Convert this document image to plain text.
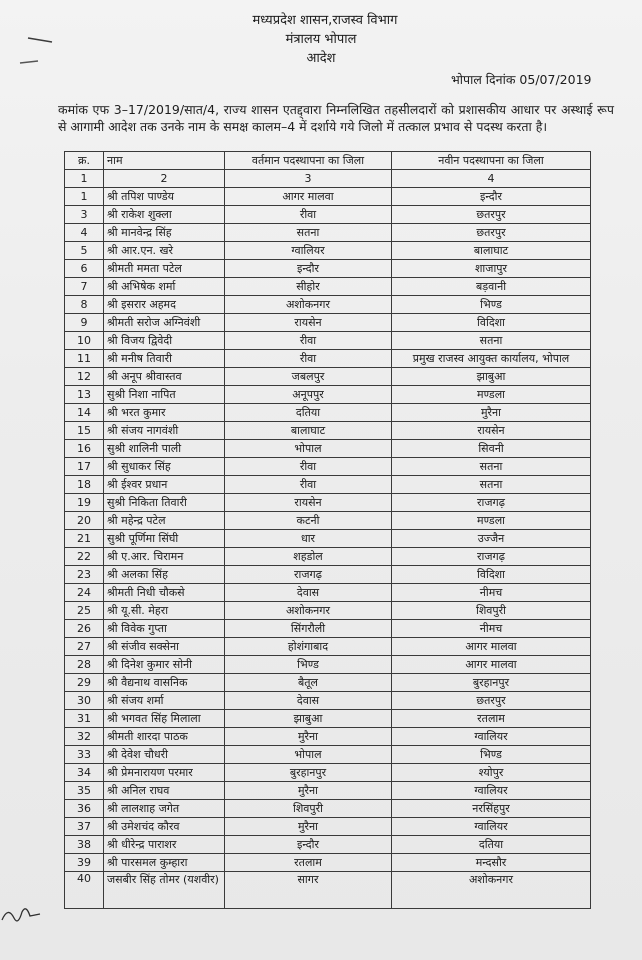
मध्यप्रदेश शासन,राजस्व विभाग
मंत्रालय भोपाल
आदेश
भोपाल दिनांक 05/07/2019
कमांक एफ 3–17/2019/सात/4, राज्य शासन एतद्द्वारा निम्नलिखित तहसीलदारों को प्रशासकीय आधार पर अस्थाई रूप से आगामी आदेश तक उनके नाम के समक्ष कालम–4 में दर्शाये गये जिलो में तत्काल प्रभाव से पदस्थ करता है।
क्र.	नाम	वर्तमान पदस्थापना का जिला	नवीन पदस्थापना का जिला
1	2	3	4
1	श्री तपिश पाण्डेय	आगर मालवा	इन्दौर
3	श्री राकेश शुक्ला	रीवा	छतरपुर
4	श्री मानवेन्द्र सिंह	सतना	छतरपुर
5	श्री आर.एन. खरे	ग्वालियर	बालाघाट
6	श्रीमती ममता पटेल	इन्दौर	शाजापुर
7	श्री अभिषेक शर्मा	सीहोर	बड़वानी
8	श्री इसरार अहमद	अशोकनगर	भिण्ड
9	श्रीमती सरोज अग्निवंशी	रायसेन	विदिशा
10	श्री विजय द्विवेदी	रीवा	सतना
11	श्री मनीष तिवारी	रीवा	प्रमुख राजस्व आयुक्त कार्यालय, भोपाल
12	श्री अनूप श्रीवास्तव	जबलपुर	झाबुआ
13	सुश्री निशा नापित	अनूपपुर	मण्डला
14	श्री भरत कुमार	दतिया	मुरैना
15	श्री संजय नागवंशी	बालाघाट	रायसेन
16	सुश्री शालिनी पाली	भोपाल	सिवनी
17	श्री सुधाकर सिंह	रीवा	सतना
18	श्री ईश्वर प्रधान	रीवा	सतना
19	सुश्री निकिता तिवारी	रायसेन	राजगढ़
20	श्री महेन्द्र पटेल	कटनी	मण्डला
21	सुश्री पूर्णिमा सिंघी	धार	उज्जैन
22	श्री ए.आर. चिरामन	शहडोल	राजगढ़
23	श्री अलका सिंह	राजगढ़	विदिशा
24	श्रीमती निधी चौकसे	देवास	नीमच
25	श्री यू.सी. मेहरा	अशोकनगर	शिवपुरी
26	श्री विवेक गुप्ता	सिंगरौली	नीमच
27	श्री संजीव सक्सेना	होशंगाबाद	आगर मालवा
28	श्री दिनेश कुमार सोनी	भिण्ड	आगर मालवा
29	श्री वैद्यनाथ वासनिक	बैतूल	बुरहानपुर
30	श्री संजय शर्मा	देवास	छतरपुर
31	श्री भगवत सिंह मिलाला	झाबुआ	रतलाम
32	श्रीमती शारदा पाठक	मुरैना	ग्वालियर
33	श्री देवेश चौधरी	भोपाल	भिण्ड
34	श्री प्रेमनारायण परमार	बुरहानपुर	श्योपुर
35	श्री अनिल राघव	मुरैना	ग्वालियर
36	श्री लालशाह जगेत	शिवपुरी	नरसिंहपुर
37	श्री उमेशचंद कौरव	मुरैना	ग्वालियर
38	श्री धीरेन्द्र पाराशर	इन्दौर	दतिया
39	श्री पारसमल कुम्हारा	रतलाम	मन्दसौर
40	जसबीर सिंह तोमर (यशवीर)	सागर	अशोकनगर
